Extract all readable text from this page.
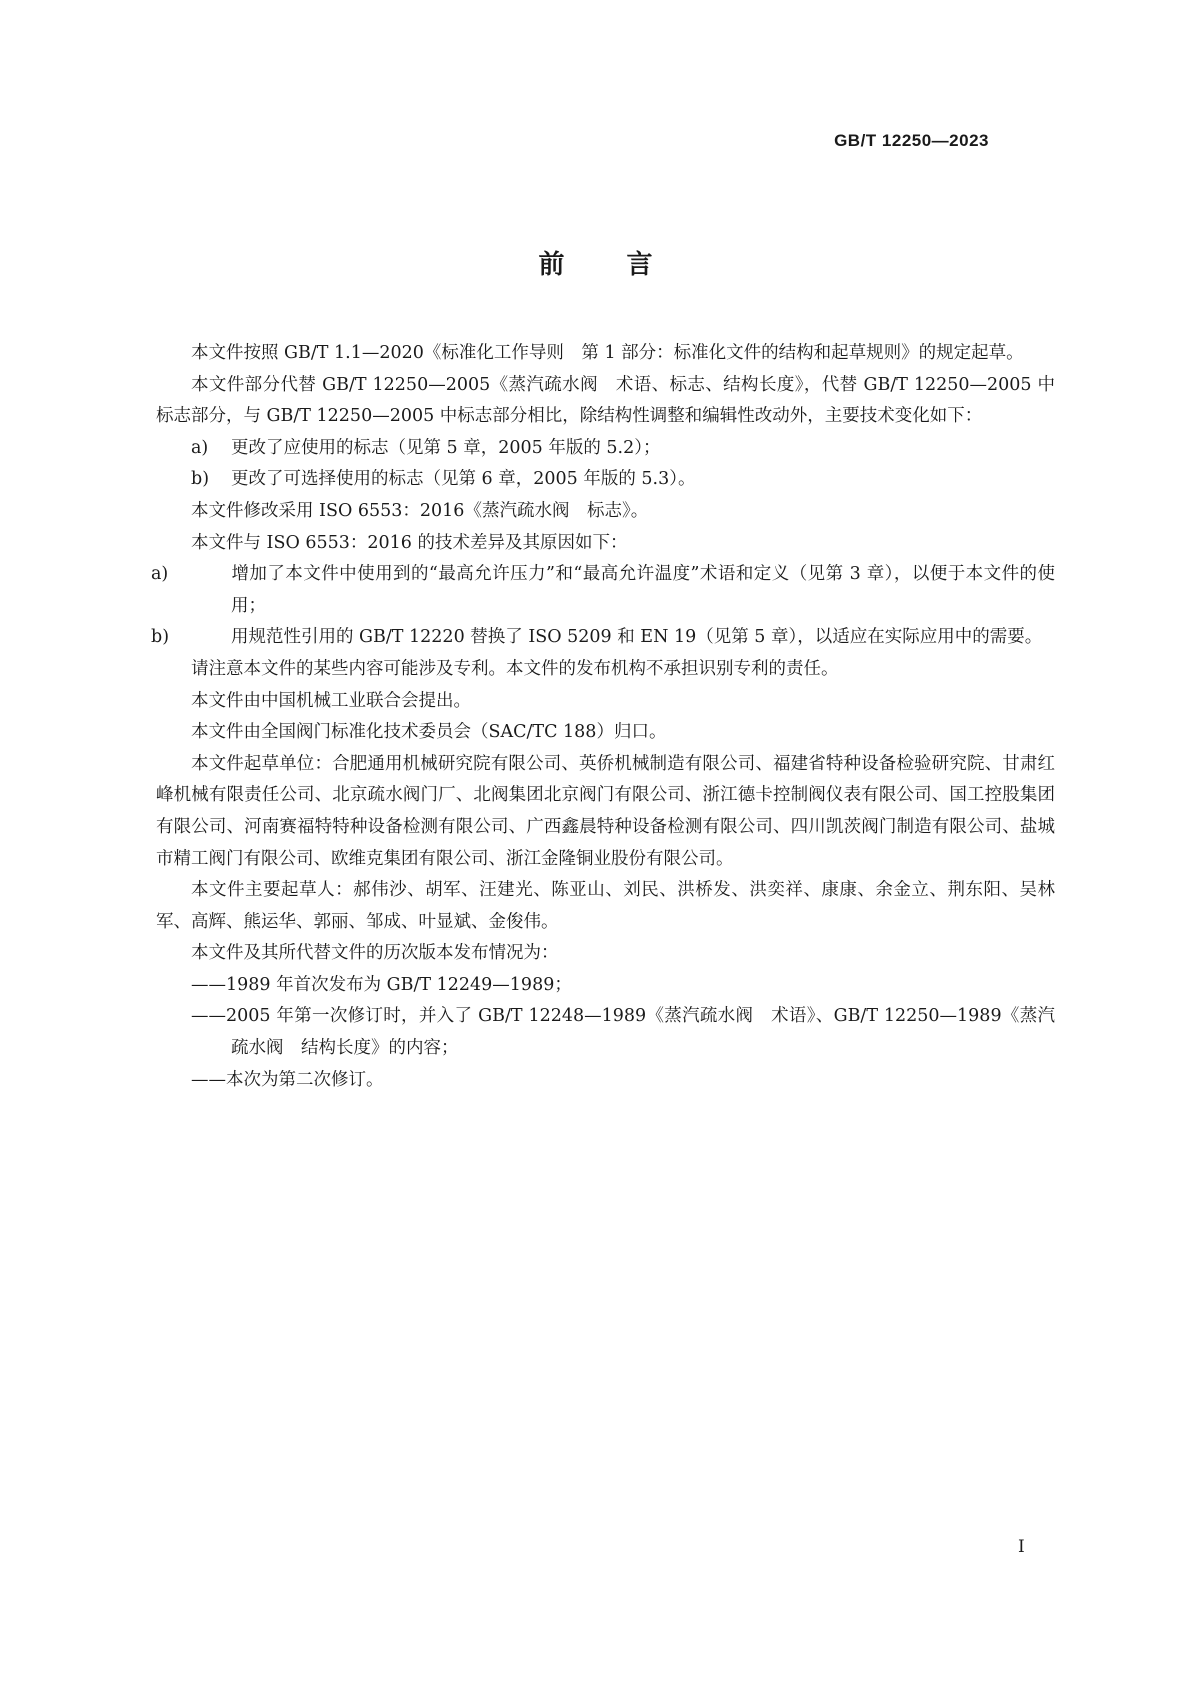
GB/T 12250—2023
前 言

本文件按照 GB/T 1.1—2020《标准化工作导则　第 1 部分：标准化文件的结构和起草规则》的规定起草。

本文件部分代替 GB/T 12250—2005《蒸汽疏水阀　术语、标志、结构长度》，代替 GB/T 12250—2005 中标志部分，与 GB/T 12250—2005 中标志部分相比，除结构性调整和编辑性改动外，主要技术变化如下：

a) 更改了应使用的标志（见第 5 章，2005 年版的 5.2）；

b) 更改了可选择使用的标志（见第 6 章，2005 年版的 5.3）。

本文件修改采用 ISO 6553：2016《蒸汽疏水阀　标志》。

本文件与 ISO 6553：2016 的技术差异及其原因如下：

a)	增加了本文件中使用到的“最高允许压力”和“最高允许温度”术语和定义（见第 3 章），以便于本文件的使用；

b)	用规范性引用的 GB/T 12220 替换了 ISO 5209 和 EN 19（见第 5 章），以适应在实际应用中的需要。

请注意本文件的某些内容可能涉及专利。本文件的发布机构不承担识别专利的责任。

本文件由中国机械工业联合会提出。

本文件由全国阀门标准化技术委员会（SAC/TC 188）归口。

本文件起草单位：合肥通用机械研究院有限公司、英侨机械制造有限公司、福建省特种设备检验研究院、甘肃红峰机械有限责任公司、北京疏水阀门厂、北阀集团北京阀门有限公司、浙江德卡控制阀仪表有限公司、国工控股集团有限公司、河南赛福特特种设备检测有限公司、广西鑫晨特种设备检测有限公司、四川凯茨阀门制造有限公司、盐城市精工阀门有限公司、欧维克集团有限公司、浙江金隆铜业股份有限公司。

本文件主要起草人：郝伟沙、胡军、汪建光、陈亚山、刘民、洪桥发、洪奕祥、康康、余金立、荆东阳、吴林军、高辉、熊运华、郭丽、邹成、叶显斌、金俊伟。

本文件及其所代替文件的历次版本发布情况为：

——1989 年首次发布为 GB/T 12249—1989；

——2005 年第一次修订时，并入了 GB/T 12248—1989《蒸汽疏水阀　术语》、GB/T 12250—1989《蒸汽疏水阀　结构长度》的内容；

——本次为第二次修订。

I
